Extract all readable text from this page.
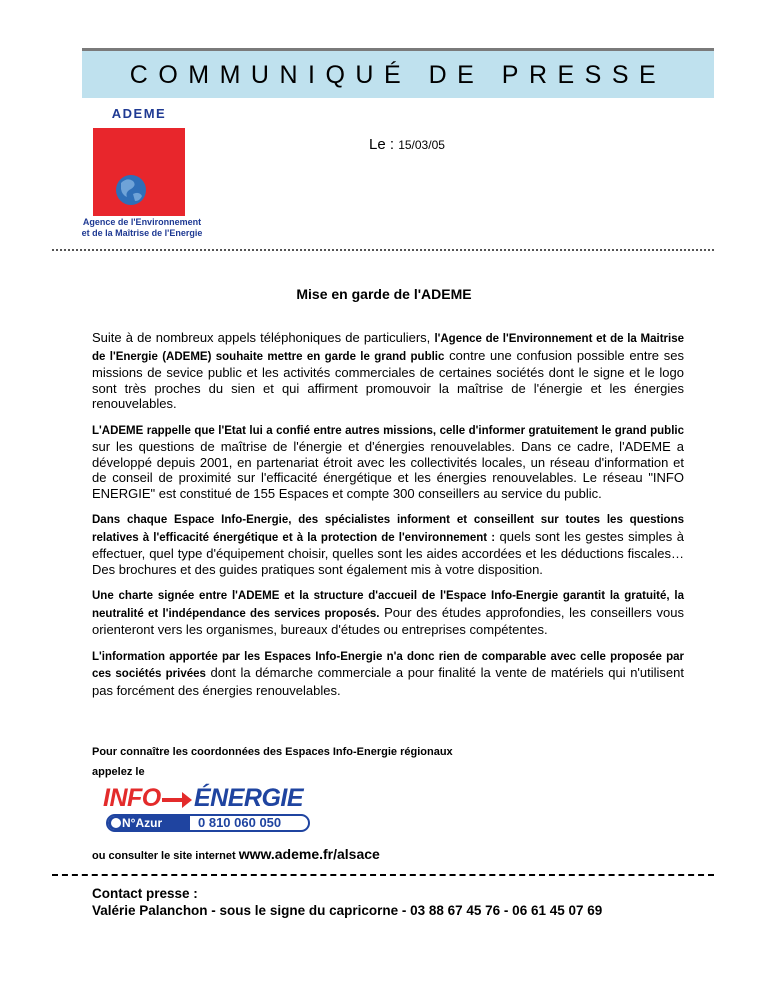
COMMUNIQUÉ DE PRESSE
ADEME
Agence de l'Environnement
et de la Maîtrise de l'Energie
Le : 15/03/05
Mise en garde de l'ADEME

Suite à de nombreux appels téléphoniques de particuliers, l'Agence de l'Environnement et de la Maitrise de l'Energie (ADEME) souhaite mettre en garde le grand public contre une confusion possible entre ses missions de sevice public et les activités commerciales de certaines sociétés dont le signe et le logo sont très proches du sien et qui affirment promouvoir la maîtrise de l'énergie et les énergies renouvelables.

L'ADEME rappelle que l'Etat lui a confié entre autres missions, celle d'informer gratuitement le grand public sur les questions de maîtrise de l'énergie et d'énergies renouvelables. Dans ce cadre, l'ADEME a développé depuis 2001, en partenariat étroit avec les collectivités locales, un réseau d'information et de conseil de proximité sur l'efficacité énergétique et les énergies renouvelables. Le réseau "INFO ENERGIE" est constitué de 155 Espaces et compte 300 conseillers au service du public.

Dans chaque Espace Info-Energie, des spécialistes informent et conseillent sur toutes les questions relatives à l'efficacité énergétique et à la protection de l'environnement : quels sont les gestes simples à effectuer, quel type d'équipement choisir, quelles sont les aides accordées et les déductions fiscales… Des brochures et des guides pratiques sont également mis à votre disposition.

Une charte signée entre l'ADEME et la structure d'accueil de l'Espace Info-Energie garantit la gratuité, la neutralité et l'indépendance des services proposés. Pour des études approfondies, les conseillers vous orienteront vers les organismes, bureaux d'études ou entreprises compétentes.

L'information apportée par les Espaces Info-Energie n'a donc rien de comparable avec celle proposée par ces sociétés privées dont la démarche commerciale a pour finalité la vente de matériels qui n'utilisent pas forcément des énergies renouvelables.

Pour connaître les coordonnées des Espaces Info-Energie régionaux
appelez le
INFO ÉNERGIE
N°Azur	0 810 060 050
ou consulter le site internet www.ademe.fr/alsace
Contact presse :
Valérie Palanchon - sous le signe du capricorne - 03 88 67 45 76 - 06 61 45 07 69
